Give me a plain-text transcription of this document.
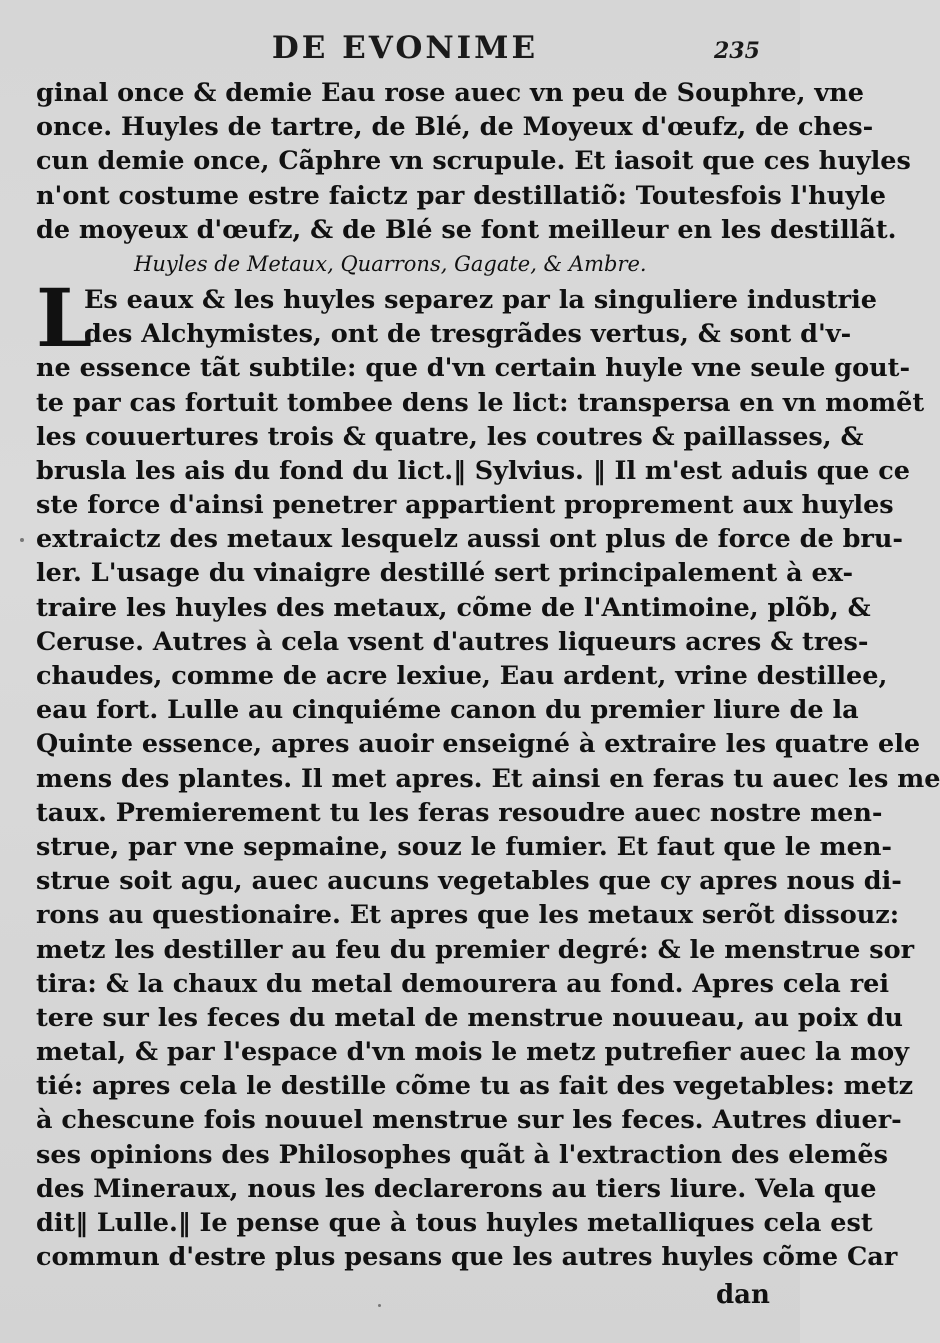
DE EVONIME	235
ginal once & demie Eau rose auec vn peu de Souphre, vne
once. Huyles de tartre, de Blé, de Moyeux d'œufz, de ches-
cun demie once, Cãphre vn scrupule. Et iasoit que ces huyles
n'ont costume estre faictz par destillatiõ: Toutesfois l'huyle
de moyeux d'œufz, & de Blé se font meilleur en les destillãt.
Huyles de Metaux, Quarrons, Gagate, & Ambre.
L
Es eaux & les huyles separez par la singuliere industrie
des Alchymistes, ont de tresgrãdes vertus, & sont d'v-
ne essence tãt subtile: que d'vn certain huyle vne seule gout-
te par cas fortuit tombee dens le lict: transpersa en vn momẽt
les couuertures trois & quatre, les coutres & paillasses, &
brusla les ais du fond du lict.‖ Sylvius. ‖ Il m'est aduis que ce
ste force d'ainsi penetrer appartient proprement aux huyles
extraictz des metaux lesquelz aussi ont plus de force de bru-
ler. L'usage du vinaigre destillé sert principalement à ex-
traire les huyles des metaux, cõme de l'Antimoine, plõb, &
Ceruse. Autres à cela vsent d'autres liqueurs acres & tres-
chaudes, comme de acre lexiue, Eau ardent, vrine destillee,
eau fort. Lulle au cinquiéme canon du premier liure de la
Quinte essence, apres auoir enseigné à extraire les quatre ele
mens des plantes. Il met apres. Et ainsi en feras tu auec les me
taux. Premierement tu les feras resoudre auec nostre men-
strue, par vne sepmaine, souz le fumier. Et faut que le men-
strue soit agu, auec aucuns vegetables que cy apres nous di-
rons au questionaire. Et apres que les metaux serõt dissouz:
metz les destiller au feu du premier degré: & le menstrue sor
tira: & la chaux du metal demourera au fond. Apres cela rei
tere sur les feces du metal de menstrue nouueau, au poix du
metal, & par l'espace d'vn mois le metz putrefier auec la moy
tié: apres cela le destille cõme tu as fait des vegetables: metz
à chescune fois nouuel menstrue sur les feces. Autres diuer-
ses opinions des Philosophes quãt à l'extraction des elemẽs
des Mineraux, nous les declarerons au tiers liure. Vela que
dit‖ Lulle.‖ Ie pense que à tous huyles metalliques cela est
commun d'estre plus pesans que les autres huyles cõme Car
dan
